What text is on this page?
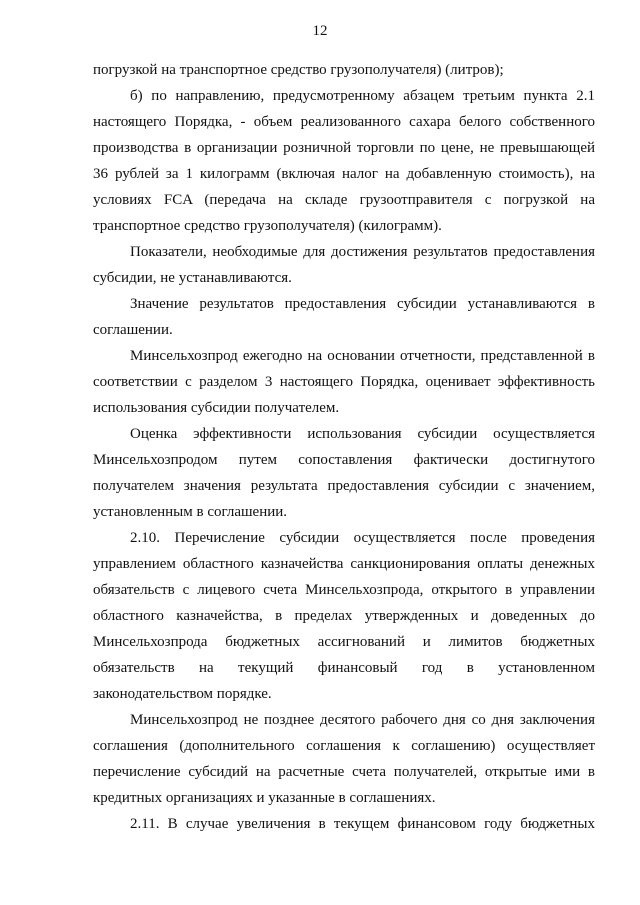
12

погрузкой на транспортное средство грузополучателя) (литров);

б) по направлению, предусмотренному абзацем третьим пункта 2.1 настоящего Порядка, - объем реализованного сахара белого собственного производства в организации розничной торговли по цене, не превышающей 36 рублей за 1 килограмм (включая налог на добавленную стоимость), на условиях FCA (передача на складе грузоотправителя с погрузкой на транспортное средство грузополучателя) (килограмм).

Показатели, необходимые для достижения результатов предоставления субсидии, не устанавливаются.

Значение результатов предоставления субсидии устанавливаются в соглашении.

Минсельхозпрод ежегодно на основании отчетности, представленной в соответствии с разделом 3 настоящего Порядка, оценивает эффективность использования субсидии получателем.

Оценка эффективности использования субсидии осуществляется Минсельхозпродом путем сопоставления фактически достигнутого получателем значения результата предоставления субсидии с значением, установленным в соглашении.

2.10. Перечисление субсидии осуществляется после проведения управлением областного казначейства санкционирования оплаты денежных обязательств с лицевого счета Минсельхозпрода, открытого в управлении областного казначейства, в пределах утвержденных и доведенных до Минсельхозпрода бюджетных ассигнований и лимитов бюджетных обязательств на текущий финансовый год в установленном законодательством порядке.

Минсельхозпрод не позднее десятого рабочего дня со дня заключения соглашения (дополнительного соглашения к соглашению) осуществляет перечисление субсидий на расчетные счета получателей, открытые ими в кредитных организациях и указанные в соглашениях.

2.11. В случае увеличения в текущем финансовом году бюджетных
